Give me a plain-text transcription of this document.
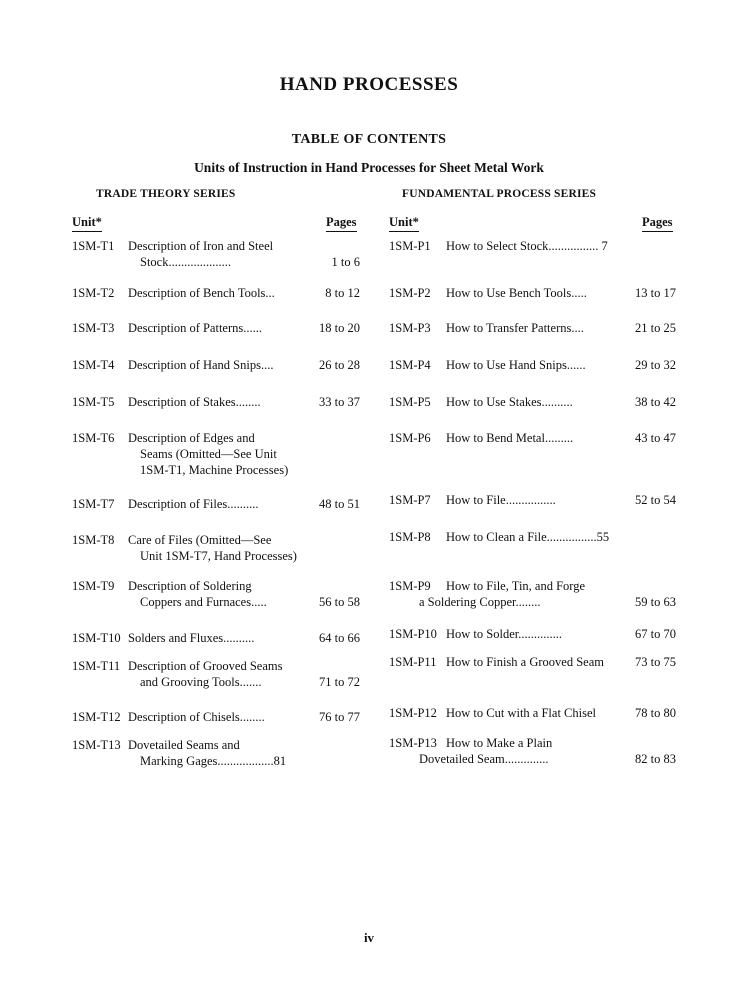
HAND PROCESSES
TABLE OF CONTENTS
Units of Instruction in Hand Processes for Sheet Metal Work
TRADE THEORY SERIES	FUNDAMENTAL PROCESS SERIES
Unit*	Pages	Unit*	Pages
1SM-T1 Description of Iron and Steel
Stock....................	1 to 6
1SM-T2 Description of Bench Tools...	8 to 12
1SM-T3 Description of Patterns......	18 to 20
1SM-T4 Description of Hand Snips....	26 to 28
1SM-T5 Description of Stakes........	33 to 37
1SM-T6 Description of Edges and
Seams (Omitted—See Unit
1SM-T1, Machine Processes)
1SM-T7 Description of Files..........	48 to 51
1SM-T8 Care of Files (Omitted—See
Unit 1SM-T7, Hand Processes)
1SM-T9 Description of Soldering
Coppers and Furnaces.....	56 to 58
1SM-T10 Solders and Fluxes..........	64 to 66
1SM-T11 Description of Grooved Seams
and Grooving Tools.......	71 to 72
1SM-T12 Description of Chisels........	76 to 77
1SM-T13 Dovetailed Seams and
Marking Gages..................81
1SM-P1 How to Select Stock................ 7
1SM-P2 How to Use Bench Tools.....	13 to 17
1SM-P3 How to Transfer Patterns....	21 to 25
1SM-P4 How to Use Hand Snips......	29 to 32
1SM-P5 How to Use Stakes..........	38 to 42
1SM-P6 How to Bend Metal.........	43 to 47
1SM-P7 How to File................	52 to 54
1SM-P8 How to Clean a File................55
1SM-P9 How to File, Tin, and Forge
a Soldering Copper........	59 to 63
1SM-P10 How to Solder..............	67 to 70
1SM-P11 How to Finish a Grooved Seam 73 to 75
1SM-P12 How to Cut with a Flat Chisel	78 to 80
1SM-P13 How to Make a Plain
Dovetailed Seam..............	82 to 83
iv
